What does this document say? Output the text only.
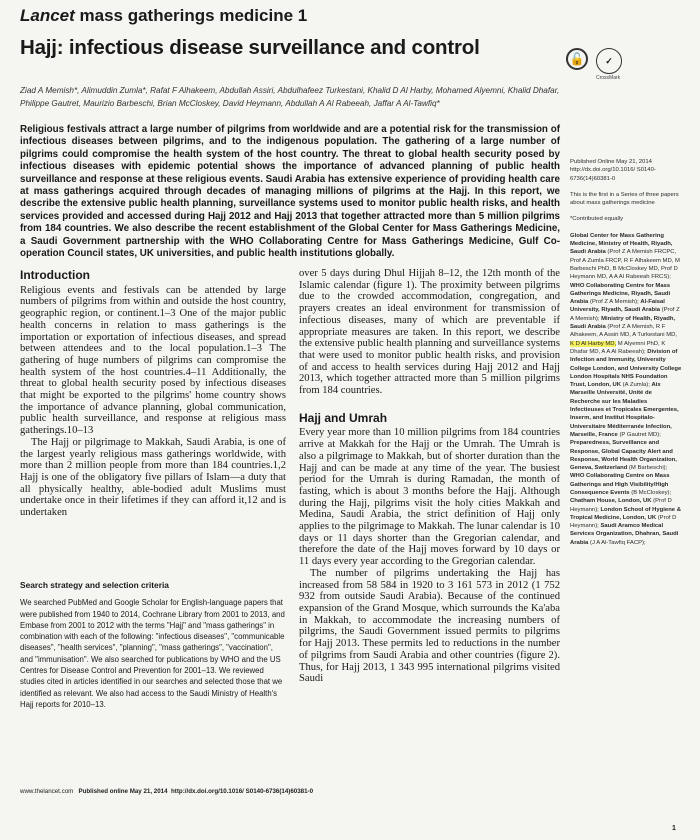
Lancet mass gatherings medicine 1
Hajj: infectious disease surveillance and control	🔓	✓
CrossMark
Ziad A Memish*, Alimuddin Zumla*, Rafat F Alhakeem, Abdullah Assiri, Abdulhafeez Turkestani, Khalid D Al Harby, Mohamed Alyemni, Khalid Dhafar, Philippe Gautret, Maurizio Barbeschi, Brian McCloskey, David Heymann, Abdullah A Al Rabeeah, Jaffar A Al-Tawfiq*
Religious festivals attract a large number of pilgrims from worldwide and are a potential risk for the transmission of infectious diseases between pilgrims, and to the indigenous population. The gathering of a large number of pilgrims could compromise the health system of the host country. The threat to global health security posed by infectious diseases with epidemic potential shows the importance of advanced planning of public health surveillance and response at these religious events. Saudi Arabia has extensive experience of providing health care at mass gatherings acquired through decades of managing millions of pilgrims at the Hajj. In this report, we describe the extensive public health planning, surveillance systems used to monitor public health risks, and health services provided and accessed during Hajj 2012 and Hajj 2013 that together attracted more than 5 million pilgrims from 184 countries. We also describe the recent establishment of the Global Center for Mass Gatherings Medicine, a Saudi Government partnership with the WHO Collaborating Centre for Mass Gatherings Medicine, Gulf Co-operation Council states, UK universities, and public health institutions globally.
Introduction

Religious events and festivals can be attended by large numbers of pilgrims from within and outside the host country, geographic region, or continent.1–3 One of the major public health concerns in relation to mass gatherings is the importation or exportation of infectious diseases, and spread between attendees and to the local population.1–3 The gathering of huge numbers of pilgrims can compromise the health system of the host countries.4–11 Additionally, the threat to global health security posed by infectious diseases that might be exported to the pilgrims' home country shows the importance of advance planning, global communication, public health surveillance, and response at religious mass gatherings.10–13

The Hajj or pilgrimage to Makkah, Saudi Arabia, is one of the largest yearly religious mass gatherings worldwide, with more than 2 million people from more than 184 countries.1,2 Hajj is one of the obligatory five pillars of Islam—a duty that all physically healthy, able-bodied adult Muslims must undertake once in their lifetimes if they can afford it,12 and is undertaken

over 5 days during Dhul Hijjah 8–12, the 12th month of the Islamic calendar (figure 1). The proximity between pilgrims due to the crowded accommodation, congregation, and prayers creates an ideal environment for transmission of infectious diseases, many of which are preventable if appropriate measures are taken. In this report, we describe the extensive public health planning and surveillance systems that were used to monitor public health risks, and provision of and access to health services during Hajj 2012 and Hajj 2013, which together attracted more than 5 million pilgrims from 184 countries.

Hajj and Umrah

Every year more than 10 million pilgrims from 184 countries arrive at Makkah for the Hajj or the Umrah. The Umrah is also a pilgrimage to Makkah, but of shorter duration than the Hajj and can be made at any time of the year. The busiest period for the Umrah is during Ramadan, the month of fasting, which is about 3 months before the Hajj. Although during the Hajj, pilgrims visit the holy cities Makkah and Medina, Saudi Arabia, the strict definition of Hajj only applies to the pilgrimage to Makkah. The lunar calendar is 10 days or 11 days shorter than the Gregorian calendar, and therefore the date of the Hajj moves forward by 10 days or 11 days every year according to the Gregorian calendar.

The number of pilgrims undertaking the Hajj has increased from 58 584 in 1920 to 3 161 573 in 2012 (1 752 932 from outside Saudi Arabia). Because of the continued expansion of the Grand Mosque, which surrounds the Ka'aba in Makkah, to accommodate the increasing numbers of pilgrims, the Saudi Government issued permits to pilgrims for Hajj 2013. These permits led to reductions in the number of pilgrims from Saudi Arabia and other countries (figure 2). Thus, for Hajj 2013, 1 343 995 international pilgrims visited Saudi

Search strategy and selection criteria

We searched PubMed and Google Scholar for English-language papers that were published from 1940 to 2014, Cochrane Library from 2001 to 2013, and Embase from 2001 to 2012 with the terms "Hajj" and "mass gatherings" in combination with each of the following: "infectious diseases", "communicable diseases", "health services", "planning", "mass gatherings", "vaccination", and "immunisation". We also searched for publications by WHO and the US Centres for Disease Control and Prevention for 2001–13. We reviewed studies cited in articles identified in our searches and selected those that we identified as relevant. We also had access to the Saudi Ministry of Health's Hajj reports for 2010–13.

Published Online May 21, 2014 http://dx.doi.org/10.1016/ S0140-6736(14)60381-0

This is the first in a Series of three papers about mass gatherings medicine

*Contributed equally

Global Center for Mass Gathering Medicine, Ministry of Health, Riyadh, Saudi Arabia (Prof Z A Memish FRCPC, Prof A Zumla FRCP, R F Alhakeem MD, M Barbeschi PhD, B McCloskey MD, Prof D Heymann MD, A A Al Rabeeah FRCS); WHO Collaborating Centre for Mass Gatherings Medicine, Riyadh, Saudi Arabia (Prof Z A Memish); Al-Faisal University, Riyadh, Saudi Arabia (Prof Z A Memish); Ministry of Health, Riyadh, Saudi Arabia (Prof Z A Memish, R F Alhakeem, A Assiri MD, A Turkestani MD, K D Al Harby MD, M Alyemni PhD, K Dhafar MD, A A Al Rabeeah); Division of Infection and Immunity, University College London, and University College London Hospitals NHS Foundation Trust, London, UK (A Zumla); Aix Marseille Université, Unité de Recherche sur les Maladies Infectieuses et Tropicales Emergentes, Inserm, and Institut Hospitalo-Universitaire Méditerranée Infection, Marseille, France (P Gautret MD); Preparedness, Surveillance and Response, Global Capacity Alert and Response, World Health Organization, Geneva, Switzerland (M Barbeschi); WHO Collaborating Centre on Mass Gatherings and High Visibility/High Consequence Events (B McCloskey); Chatham House, London, UK (Prof D Heymann); London School of Hygiene & Tropical Medicine, London, UK (Prof D Heymann); Saudi Aramco Medical Services Organization, Dhahran, Saudi Arabia (J A Al-Tawfiq FACP);

www.thelancet.com Published online May 21, 2014 http://dx.doi.org/10.1016/ S0140-6736(14)60381-0
1
